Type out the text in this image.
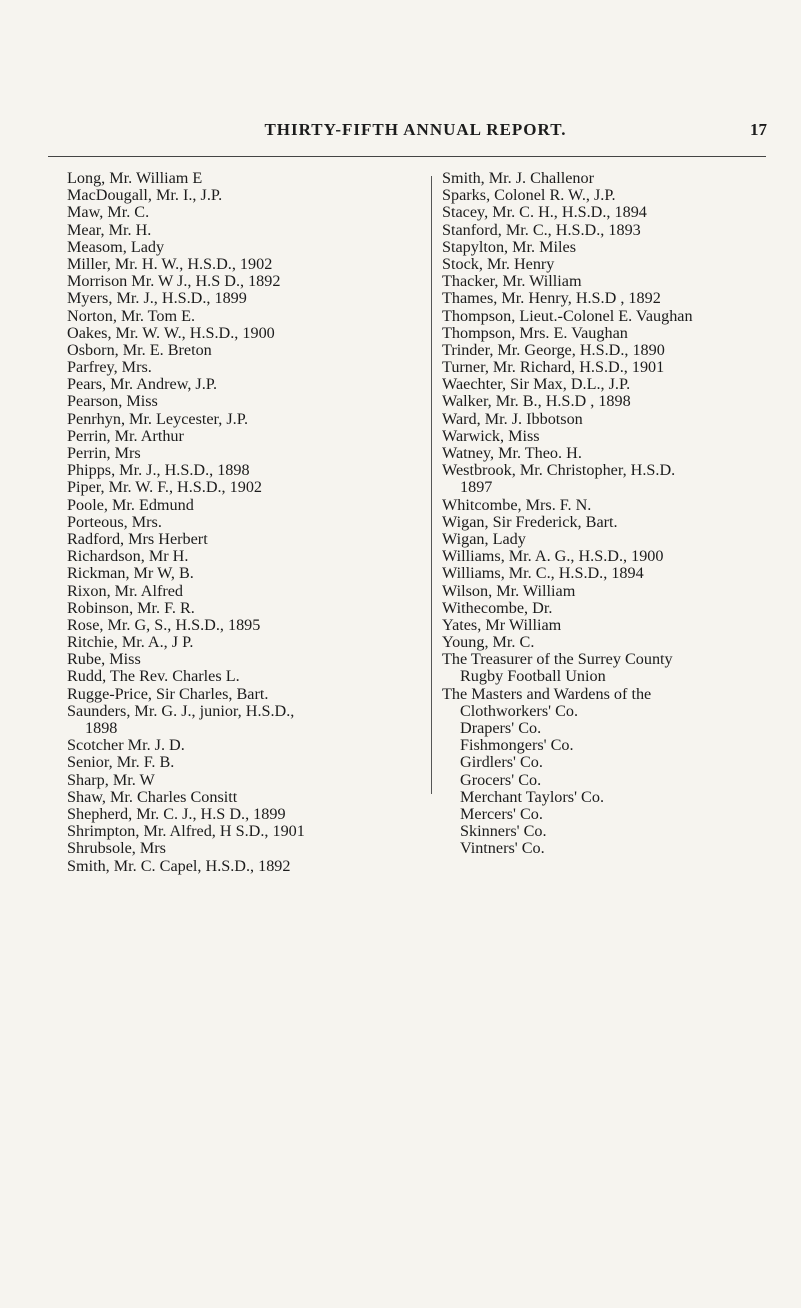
THIRTY-FIFTH ANNUAL REPORT.	17
Long, Mr. William E
MacDougall, Mr. I., J.P.
Maw, Mr. C.
Mear, Mr. H.
Measom, Lady
Miller, Mr. H. W., H.S.D., 1902
Morrison Mr. W J., H.S D., 1892
Myers, Mr. J., H.S.D., 1899
Norton, Mr. Tom E.
Oakes, Mr. W. W., H.S.D., 1900
Osborn, Mr. E. Breton
Parfrey, Mrs.
Pears, Mr. Andrew, J.P.
Pearson, Miss
Penrhyn, Mr. Leycester, J.P.
Perrin, Mr. Arthur
Perrin, Mrs
Phipps, Mr. J., H.S.D., 1898
Piper, Mr. W. F., H.S.D., 1902
Poole, Mr. Edmund
Porteous, Mrs.
Radford, Mrs Herbert
Richardson, Mr H.
Rickman, Mr W, B.
Rixon, Mr. Alfred
Robinson, Mr. F. R.
Rose, Mr. G, S., H.S.D., 1895
Ritchie, Mr. A., J P.
Rube, Miss
Rudd, The Rev. Charles L.
Rugge-Price, Sir Charles, Bart.
Saunders, Mr. G. J., junior, H.S.D.,
1898
Scotcher Mr. J. D.
Senior, Mr. F. B.
Sharp, Mr. W
Shaw, Mr. Charles Consitt
Shepherd, Mr. C. J., H.S D., 1899
Shrimpton, Mr. Alfred, H S.D., 1901
Shrubsole, Mrs
Smith, Mr. C. Capel, H.S.D., 1892
Smith, Mr. J. Challenor
Sparks, Colonel R. W., J.P.
Stacey, Mr. C. H., H.S.D., 1894
Stanford, Mr. C., H.S.D., 1893
Stapylton, Mr. Miles
Stock, Mr. Henry
Thacker, Mr. William
Thames, Mr. Henry, H.S.D , 1892
Thompson, Lieut.-Colonel E. Vaughan
Thompson, Mrs. E. Vaughan
Trinder, Mr. George, H.S.D., 1890
Turner, Mr. Richard, H.S.D., 1901
Waechter, Sir Max, D.L., J.P.
Walker, Mr. B., H.S.D , 1898
Ward, Mr. J. Ibbotson
Warwick, Miss
Watney, Mr. Theo. H.
Westbrook, Mr. Christopher, H.S.D.
1897
Whitcombe, Mrs. F. N.
Wigan, Sir Frederick, Bart.
Wigan, Lady
Williams, Mr. A. G., H.S.D., 1900
Williams, Mr. C., H.S.D., 1894
Wilson, Mr. William
Withecombe, Dr.
Yates, Mr William
Young, Mr. C.
The Treasurer of the Surrey County
Rugby Football Union
The Masters and Wardens of the
Clothworkers' Co.
Drapers' Co.
Fishmongers' Co.
Girdlers' Co.
Grocers' Co.
Merchant Taylors' Co.
Mercers' Co.
Skinners' Co.
Vintners' Co.
